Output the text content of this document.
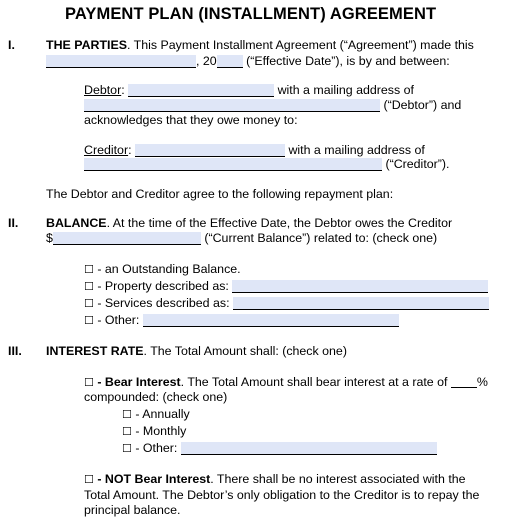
PAYMENT PLAN (INSTALLMENT) AGREEMENT
I.	THE PARTIES. This Payment Installment Agreement (“Agreement”) made this
, 20 (“Effective Date”), is by and between:
Debtor:	with a mailing address of
(“Debtor”) and
acknowledges that they owe money to:
Creditor:	with a mailing address of
(“Creditor”).
The Debtor and Creditor agree to the following repayment plan:
II. BALANCE. At the time of the Effective Date, the Debtor owes the Creditor
$	(“Current Balance”) related to: (check one)
☐ - an Outstanding Balance.
☐ - Property described as:
☐ - Services described as:
☐ - Other:
III. INTEREST RATE. The Total Amount shall: (check one)
☐ - Bear Interest. The Total Amount shall bear interest at a rate of %
compounded: (check one)
☐ - Annually
☐ - Monthly
☐ - Other:
☐ - NOT Bear Interest. There shall be no interest associated with the
Total Amount. The Debtor’s only obligation to the Creditor is to repay the
principal balance.
